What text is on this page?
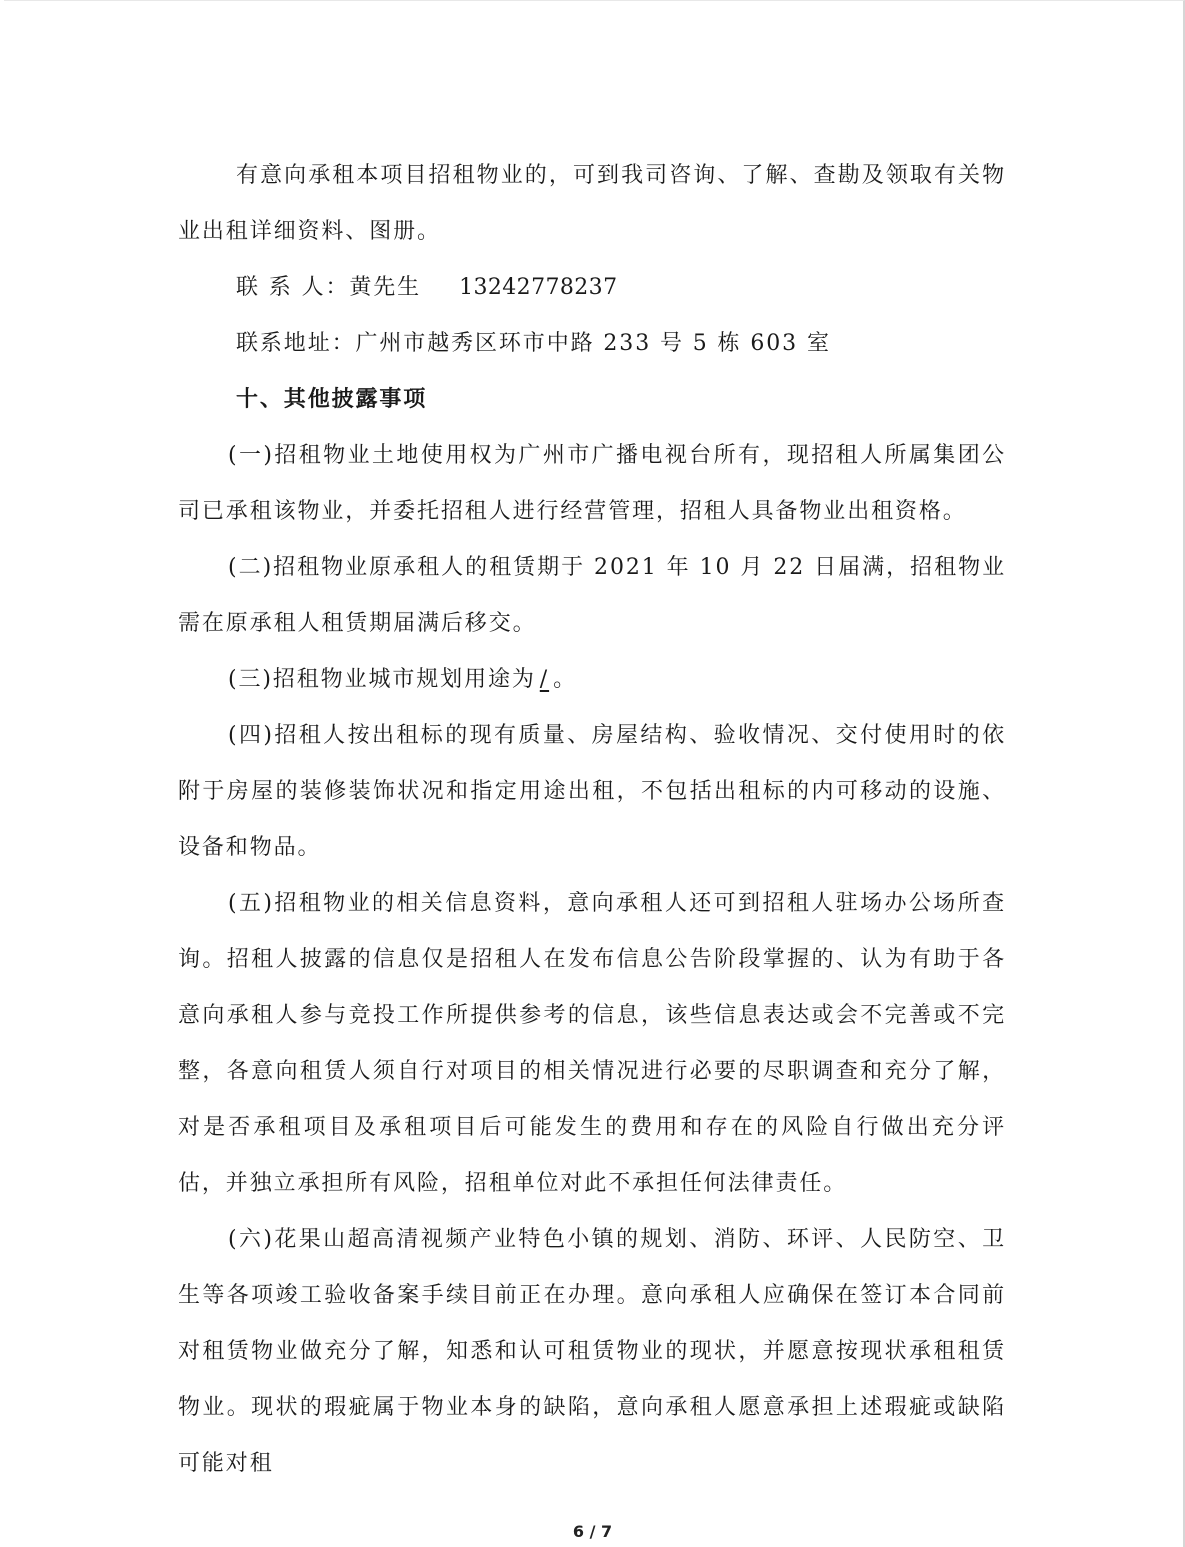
有意向承租本项目招租物业的，可到我司咨询、了解、查勘及领取有关物业出租详细资料、图册。

联 系 人：黄先生 13242778237

联系地址：广州市越秀区环市中路 233 号 5 栋 603 室

十、其他披露事项

(一)招租物业土地使用权为广州市广播电视台所有，现招租人所属集团公司已承租该物业，并委托招租人进行经营管理，招租人具备物业出租资格。

(二)招租物业原承租人的租赁期于 2021 年 10 月 22 日届满，招租物业需在原承租人租赁期届满后移交。

(三)招租物业城市规划用途为 / 。

(四)招租人按出租标的现有质量、房屋结构、验收情况、交付使用时的依附于房屋的装修装饰状况和指定用途出租，不包括出租标的内可移动的设施、设备和物品。

(五)招租物业的相关信息资料，意向承租人还可到招租人驻场办公场所查询。招租人披露的信息仅是招租人在发布信息公告阶段掌握的、认为有助于各意向承租人参与竞投工作所提供参考的信息，该些信息表达或会不完善或不完整，各意向租赁人须自行对项目的相关情况进行必要的尽职调查和充分了解，对是否承租项目及承租项目后可能发生的费用和存在的风险自行做出充分评估，并独立承担所有风险，招租单位对此不承担任何法律责任。

(六)花果山超高清视频产业特色小镇的规划、消防、环评、人民防空、卫生等各项竣工验收备案手续目前正在办理。意向承租人应确保在签订本合同前对租赁物业做充分了解，知悉和认可租赁物业的现状，并愿意按现状承租租赁物业。现状的瑕疵属于物业本身的缺陷，意向承租人愿意承担上述瑕疵或缺陷可能对租

6 / 7
